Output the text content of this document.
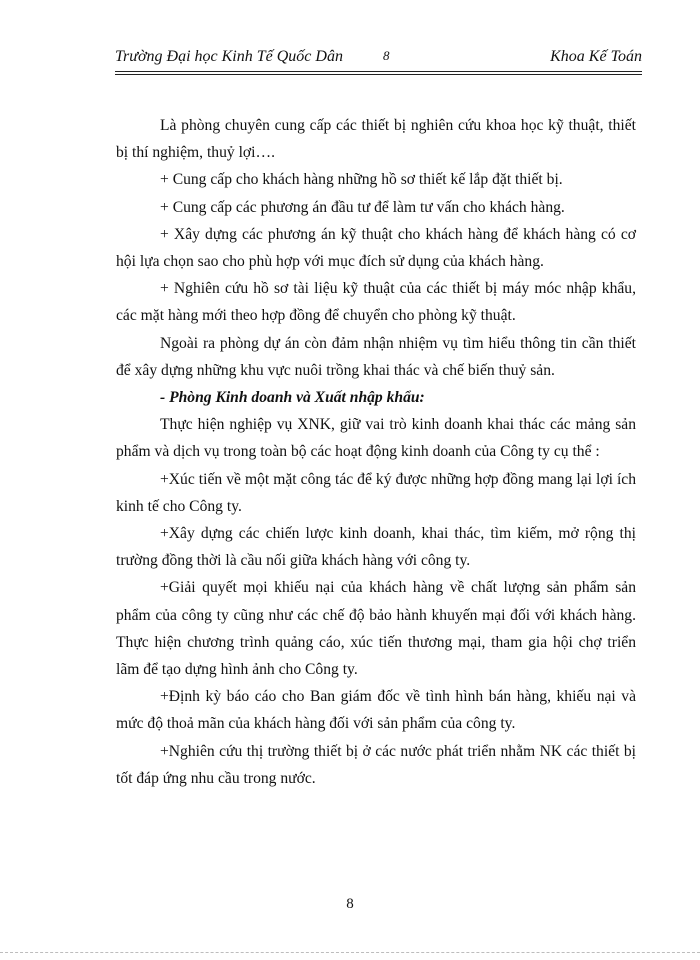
Trường Đại học Kinh Tế Quốc Dân	8	Khoa Kế Toán

Là phòng chuyên cung cấp các thiết bị nghiên cứu khoa học kỹ thuật, thiết bị thí nghiệm, thuỷ lợi….

+ Cung cấp cho khách hàng những hồ sơ thiết kế lắp đặt thiết bị.

+ Cung cấp các phương án đầu tư để làm tư vấn cho khách hàng.

+ Xây dựng các phương án kỹ thuật cho khách hàng để khách hàng có cơ hội lựa chọn sao cho phù hợp với mục đích sử dụng của khách hàng.

+ Nghiên cứu hồ sơ tài liệu kỹ thuật của các thiết bị máy móc nhập khẩu, các mặt hàng mới theo hợp đồng để chuyển cho phòng kỹ thuật.

Ngoài ra phòng dự án còn đảm nhận nhiệm vụ tìm hiểu thông tin cần thiết để xây dựng những khu vực nuôi trồng khai thác và chế biến thuỷ sản.

- Phòng Kinh doanh và Xuất nhập khẩu:

Thực hiện nghiệp vụ XNK, giữ vai trò kinh doanh khai thác các mảng sản phẩm và dịch vụ trong toàn bộ các hoạt động kinh doanh của Công ty cụ thể :

+Xúc tiến về một mặt công tác để ký được những hợp đồng mang lại lợi ích kinh tế cho Công ty.

+Xây dựng các chiến lược kinh doanh, khai thác, tìm kiếm, mở rộng thị trường đồng thời là cầu nối giữa khách hàng với công ty.

+Giải quyết mọi khiếu nại của khách hàng về chất lượng sản phẩm sản phẩm của công ty cũng như các chế độ bảo hành khuyến mại đối với khách hàng. Thực hiện chương trình quảng cáo, xúc tiến thương mại, tham gia hội chợ triển lãm để tạo dựng hình ảnh cho Công ty.

+Định kỳ báo cáo cho Ban giám đốc về tình hình bán hàng, khiếu nại và mức độ thoả mãn của khách hàng đối với sản phẩm của công ty.

+Nghiên cứu thị trường thiết bị ở các nước phát triển nhằm NK các thiết bị tốt đáp ứng nhu cầu trong nước.

8
